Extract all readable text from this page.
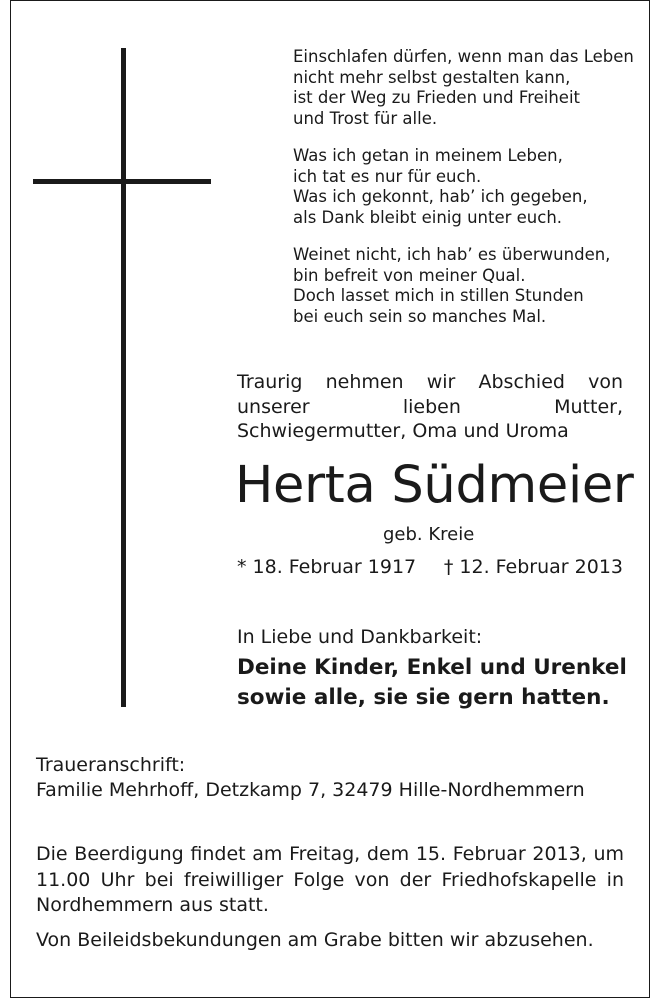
Einschlafen dürfen, wenn man das Leben
nicht mehr selbst gestalten kann,
ist der Weg zu Frieden und Freiheit
und Trost für alle.
Was ich getan in meinem Leben,
ich tat es nur für euch.
Was ich gekonnt, hab’ ich gegeben,
als Dank bleibt einig unter euch.
Weinet nicht, ich hab’ es überwunden,
bin befreit von meiner Qual.
Doch lasset mich in stillen Stunden
bei euch sein so manches Mal.
Traurig nehmen wir Abschied von unserer lieben Mutter, Schwiegermutter, Oma und Uroma
Herta Südmeier
geb. Kreie
* 18. Februar 1917 † 12. Februar 2013
In Liebe und Dankbarkeit:
Deine Kinder, Enkel und Urenkel
sowie alle, sie sie gern hatten.
Traueranschrift:
Familie Mehrhoff, Detzkamp 7, 32479 Hille-Nordhemmern
Die Beerdigung findet am Freitag, dem 15. Februar 2013, um 11.00 Uhr bei freiwilliger Folge von der Friedhofskapelle in Nordhemmern aus statt.
Von Beileidsbekundungen am Grabe bitten wir abzusehen.
